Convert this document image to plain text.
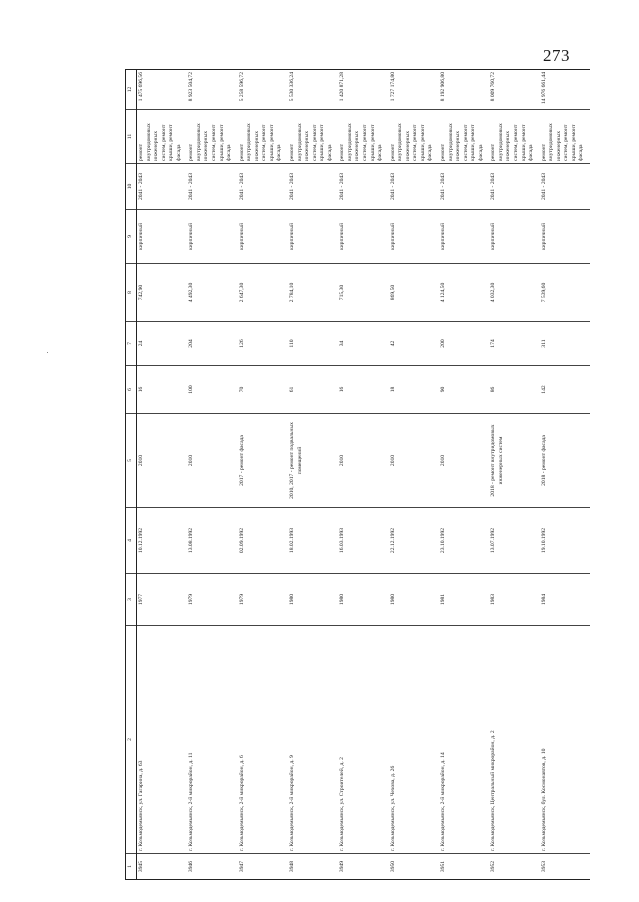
273
1	2	3	4	5	6	7	8	9	10	11	12
3945	г. Козьмодемьянск, ул. Гагарина, д. 63	1977	10.12.1992	2010	16	24	742,90	кирпичный	2041 - 2043	ремонт внутридомовых инженерных систем, ремонт крыши, ремонт фасада	1 475 696,56
3946	г. Козьмодемьянск, 2-й микрорайон, д. 11	1979	13.08.1992	2010	100	204	4 492,30	кирпичный	2041 - 2043	ремонт внутридомовых инженерных систем, ремонт крыши, ремонт фасада	8 923 504,72
3947	г. Козьмодемьянск, 2-й микрорайон, д. 6	1979	02.09.1992	2017 - ремонт фасада	70	126	2 647,30	кирпичный	2041 - 2043	ремонт внутридомовых инженерных систем, ремонт крыши, ремонт фасада	5 258 596,72
3948	г. Козьмодемьянск, 2-й микрорайон, д. 9	1980	18.02.1993	2010, 2017 - ремонт подвальных помещений	61	110	2 784,10	кирпичный	2041 - 2043	ремонт внутридомовых инженерных систем, ремонт крыши, ремонт фасада	5 530 336,24
3949	г. Козьмодемьянск, ул. Строителей, д. 2	1980	16.03.1993	2010	16	34	715,30	кирпичный	2041 - 2043	ремонт внутридомовых инженерных систем, ремонт крыши, ремонт фасада	1 420 871,28
3950	г. Козьмодемьянск, ул. Чехова, д. 26	1980	22.12.1992	2010	18	42	869,50	кирпичный	2041 - 2043	ремонт внутридомовых инженерных систем, ремонт крыши, ремонт фасада	1 727 174,80
3951	г. Козьмодемьянск, 2-й микрорайон, д. 14	1981	23.10.1992	2010	90	200	4 124,50	кирпичный	2041 - 2043	ремонт внутридомовых инженерных систем, ремонт крыши, ремонт фасада	8 192 906,80
3952	г. Козьмодемьянск, Центральный микрорайон, д. 2	1983	13.07.1992	2018 - ремонт внутридомовых инженерных систем	86	174	4 032,30	кирпичный	2041 - 2043	ремонт внутридомовых инженерных систем, ремонт крыши, ремонт фасада	8 009 760,72
3953	г. Козьмодемьянск, бул. Космонавтов, д. 10	1984	19.10.1992	2018 - ремонт фасада	142	311	7 539,60	кирпичный	2041 - 2043	ремонт внутридомовых инженерных систем, ремонт крыши, ремонт фасада	14 976 661,44
